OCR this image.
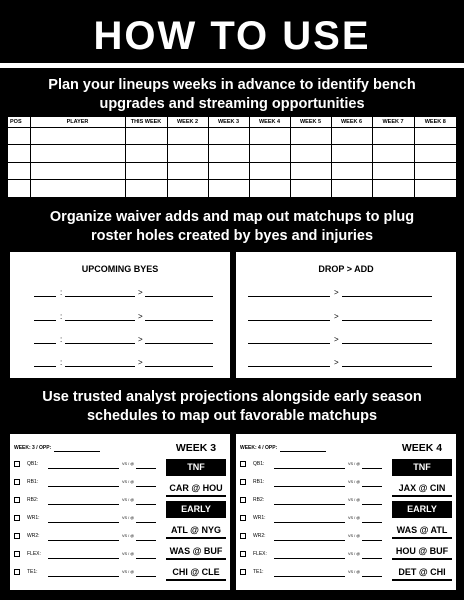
HOW TO USE
Plan your lineups weeks in advance to identify bench
upgrades and streaming opportunities
POS	PLAYER	THIS WEEK	WEEK 2	WEEK 3	WEEK 4	WEEK 5	WEEK 6	WEEK 7	WEEK 8

Organize waiver adds and map out matchups to plug
roster holes created by byes and injuries
UPCOMING BYES
:	>
:	>
:	>
:	>
DROP > ADD
>
>
>
>
Use trusted analyst projections alongside early season
schedules to map out favorable matchups
WEEK: 3 / OPP:	WEEK 3
QB1:	VS / @
RB1:	VS / @
RB2:	VS / @
WR1:	VS / @
WR2:	VS / @
FLEX:	VS / @
TE1:	VS / @
TNF
CAR @ HOU
EARLY
ATL @ NYG
WAS @ BUF
CHI @ CLE
WEEK: 4 / OPP:	WEEK 4
QB1:	VS / @
RB1:	VS / @
RB2:	VS / @
WR1:	VS / @
WR2:	VS / @
FLEX:	VS / @
TE1:	VS / @
TNF
JAX @ CIN
EARLY
WAS @ ATL
HOU @ BUF
DET @ CHI
